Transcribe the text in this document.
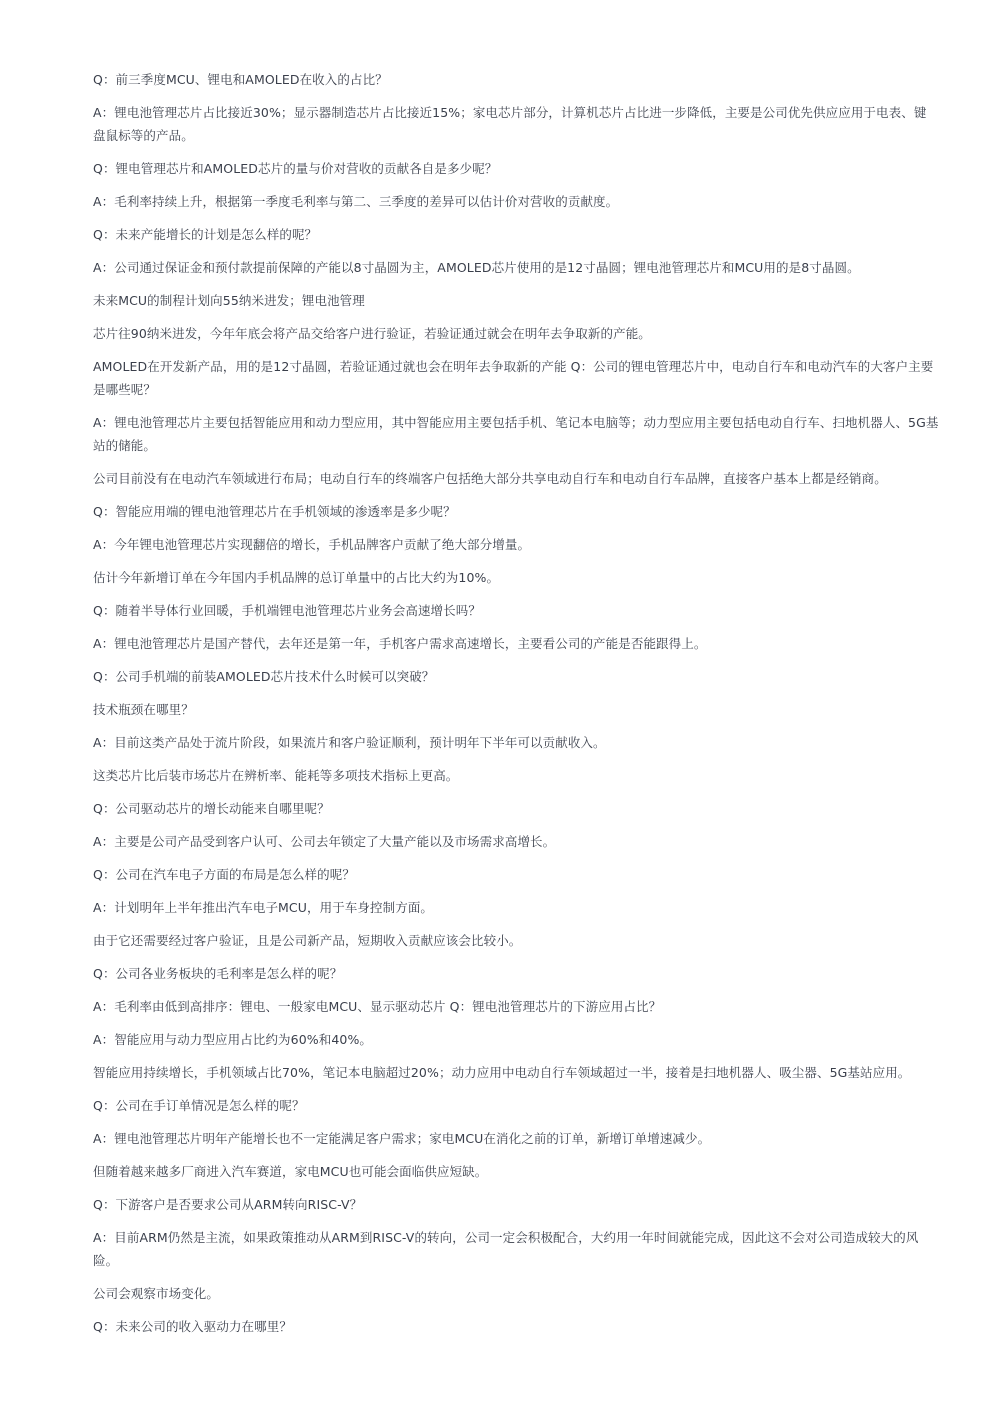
Q：前三季度MCU、锂电和AMOLED在收入的占比？

A：锂电池管理芯片占比接近30%；显示器制造芯片占比接近15%；家电芯片部分，计算机芯片占比进一步降低，主要是公司优先供应应用于电表、键盘鼠标等的产品。

Q：锂电管理芯片和AMOLED芯片的量与价对营收的贡献各自是多少呢？

A：毛利率持续上升，根据第一季度毛利率与第二、三季度的差异可以估计价对营收的贡献度。

Q：未来产能增长的计划是怎么样的呢？

A：公司通过保证金和预付款提前保障的产能以8寸晶圆为主，AMOLED芯片使用的是12寸晶圆；锂电池管理芯片和MCU用的是8寸晶圆。

未来MCU的制程计划向55纳米进发；锂电池管理

芯片往90纳米进发，今年年底会将产品交给客户进行验证，若验证通过就会在明年去争取新的产能。

AMOLED在开发新产品，用的是12寸晶圆，若验证通过就也会在明年去争取新的产能 Q：公司的锂电管理芯片中，电动自行车和电动汽车的大客户主要是哪些呢？

A：锂电池管理芯片主要包括智能应用和动力型应用，其中智能应用主要包括手机、笔记本电脑等；动力型应用主要包括电动自行车、扫地机器人、5G基站的储能。

公司目前没有在电动汽车领域进行布局；电动自行车的终端客户包括绝大部分共享电动自行车和电动自行车品牌，直接客户基本上都是经销商。

Q：智能应用端的锂电池管理芯片在手机领域的渗透率是多少呢？

A：今年锂电池管理芯片实现翻倍的增长，手机品牌客户贡献了绝大部分增量。

估计今年新增订单在今年国内手机品牌的总订单量中的占比大约为10%。

Q：随着半导体行业回暖，手机端锂电池管理芯片业务会高速增长吗？

A：锂电池管理芯片是国产替代，去年还是第一年，手机客户需求高速增长，主要看公司的产能是否能跟得上。

Q：公司手机端的前装AMOLED芯片技术什么时候可以突破？

技术瓶颈在哪里？

A：目前这类产品处于流片阶段，如果流片和客户验证顺利，预计明年下半年可以贡献收入。

这类芯片比后装市场芯片在辨析率、能耗等多项技术指标上更高。

Q：公司驱动芯片的增长动能来自哪里呢？

A：主要是公司产品受到客户认可、公司去年锁定了大量产能以及市场需求高增长。

Q：公司在汽车电子方面的布局是怎么样的呢？

A：计划明年上半年推出汽车电子MCU，用于车身控制方面。

由于它还需要经过客户验证，且是公司新产品，短期收入贡献应该会比较小。

Q：公司各业务板块的毛利率是怎么样的呢？

A：毛利率由低到高排序：锂电、一般家电MCU、显示驱动芯片 Q：锂电池管理芯片的下游应用占比？

A：智能应用与动力型应用占比约为60%和40%。

智能应用持续增长，手机领域占比70%，笔记本电脑超过20%；动力应用中电动自行车领域超过一半，接着是扫地机器人、吸尘器、5G基站应用。

Q：公司在手订单情况是怎么样的呢？

A：锂电池管理芯片明年产能增长也不一定能满足客户需求；家电MCU在消化之前的订单，新增订单增速减少。

但随着越来越多厂商进入汽车赛道，家电MCU也可能会面临供应短缺。

Q：下游客户是否要求公司从ARM转向RISC-V？

A：目前ARM仍然是主流，如果政策推动从ARM到RISC-V的转向，公司一定会积极配合，大约用一年时间就能完成，因此这不会对公司造成较大的风险。

公司会观察市场变化。

Q：未来公司的收入驱动力在哪里？
